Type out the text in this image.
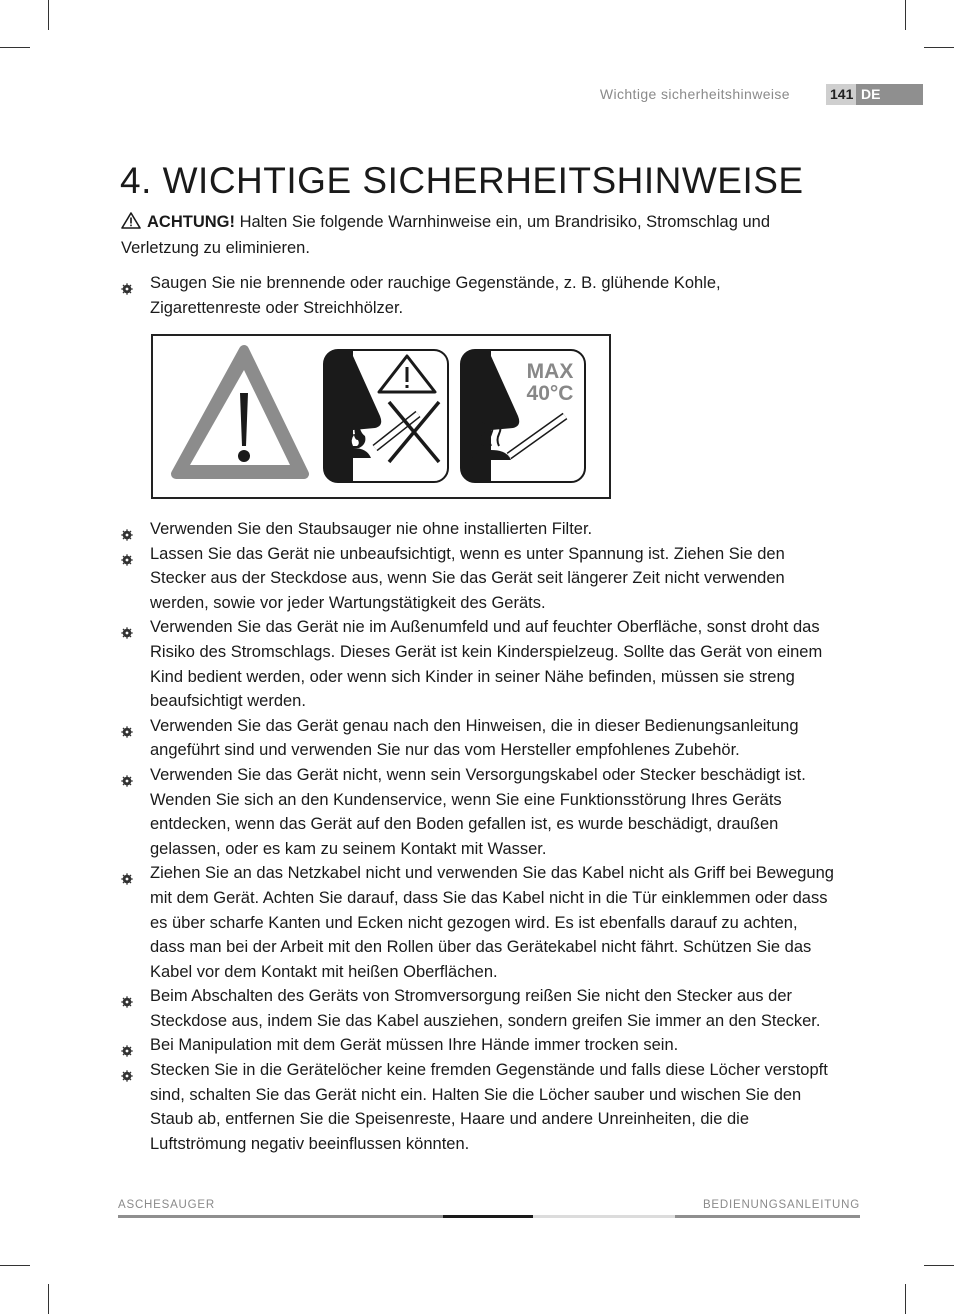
Wichtige sicherheitshinweise	141 DE
4. WICHTIGE SICHERHEITSHINWEISE
ACHTUNG! Halten Sie folgende Warnhinweise ein, um Brandrisiko, Stromschlag und Verletzung zu eliminieren.
Saugen Sie nie brennende oder rauchige Gegenstände, z. B. glühende Kohle, Zigarettenreste oder Streichhölzer.
MAX
40°C
Verwenden Sie den Staubsauger nie ohne installierten Filter.
Lassen Sie das Gerät nie unbeaufsichtigt, wenn es unter Spannung ist. Ziehen Sie den Stecker aus der Steckdose aus, wenn Sie das Gerät seit längerer Zeit nicht verwenden werden, sowie vor jeder Wartungstätigkeit des Geräts.
Verwenden Sie das Gerät nie im Außenumfeld und auf feuchter Oberfläche, sonst droht das Risiko des Stromschlags. Dieses Gerät ist kein Kinderspielzeug. Sollte das Gerät von einem Kind bedient werden, oder wenn sich Kinder in seiner Nähe befinden, müssen sie streng beaufsichtigt werden.
Verwenden Sie das Gerät genau nach den Hinweisen, die in dieser Bedienungsanleitung angeführt sind und verwenden Sie nur das vom Hersteller empfohlenes Zubehör.
Verwenden Sie das Gerät nicht, wenn sein Versorgungskabel oder Stecker beschädigt ist. Wenden Sie sich an den Kundenservice, wenn Sie eine Funktionsstörung Ihres Geräts entdecken, wenn das Gerät auf den Boden gefallen ist, es wurde beschädigt, draußen gelassen, oder es kam zu seinem Kontakt mit Wasser.
Ziehen Sie an das Netzkabel nicht und verwenden Sie das Kabel nicht als Griff bei Bewegung mit dem Gerät. Achten Sie darauf, dass Sie das Kabel nicht in die Tür einklemmen oder dass es über scharfe Kanten und Ecken nicht gezogen wird. Es ist ebenfalls darauf zu achten, dass man bei der Arbeit mit den Rollen über das Gerätekabel nicht fährt. Schützen Sie das Kabel vor dem Kontakt mit heißen Oberflächen.
Beim Abschalten des Geräts von Stromversorgung reißen Sie nicht den Stecker aus der Steckdose aus, indem Sie das Kabel ausziehen, sondern greifen Sie immer an den Stecker.
Bei Manipulation mit dem Gerät müssen Ihre Hände immer trocken sein.
Stecken Sie in die Gerätelöcher keine fremden Gegenstände und falls diese Löcher verstopft sind, schalten Sie das Gerät nicht ein. Halten Sie die Löcher sauber und wischen Sie den Staub ab, entfernen Sie die Speisenreste, Haare und andere Unreinheiten, die die Luftströmung negativ beeinflussen könnten.
ASCHESAUGER	BEDIENUNGSANLEITUNG
